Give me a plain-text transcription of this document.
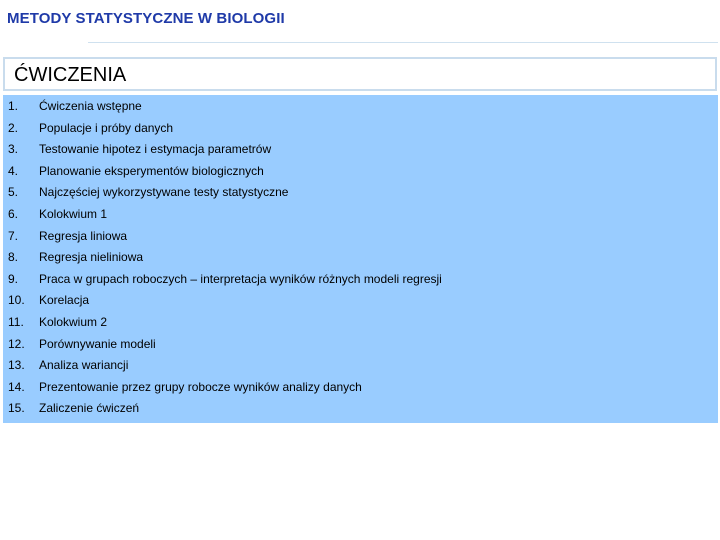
METODY STATYSTYCZNE W BIOLOGII
ĆWICZENIA
1. Ćwiczenia wstępne
2. Populacje i próby danych
3. Testowanie hipotez i estymacja parametrów
4. Planowanie eksperymentów biologicznych
5. Najczęściej wykorzystywane testy statystyczne
6. Kolokwium 1
7. Regresja liniowa
8. Regresja nieliniowa
9. Praca w grupach roboczych – interpretacja wyników różnych modeli regresji
10. Korelacja
11. Kolokwium 2
12. Porównywanie modeli
13. Analiza wariancji
14. Prezentowanie przez grupy robocze wyników analizy danych
15. Zaliczenie ćwiczeń
